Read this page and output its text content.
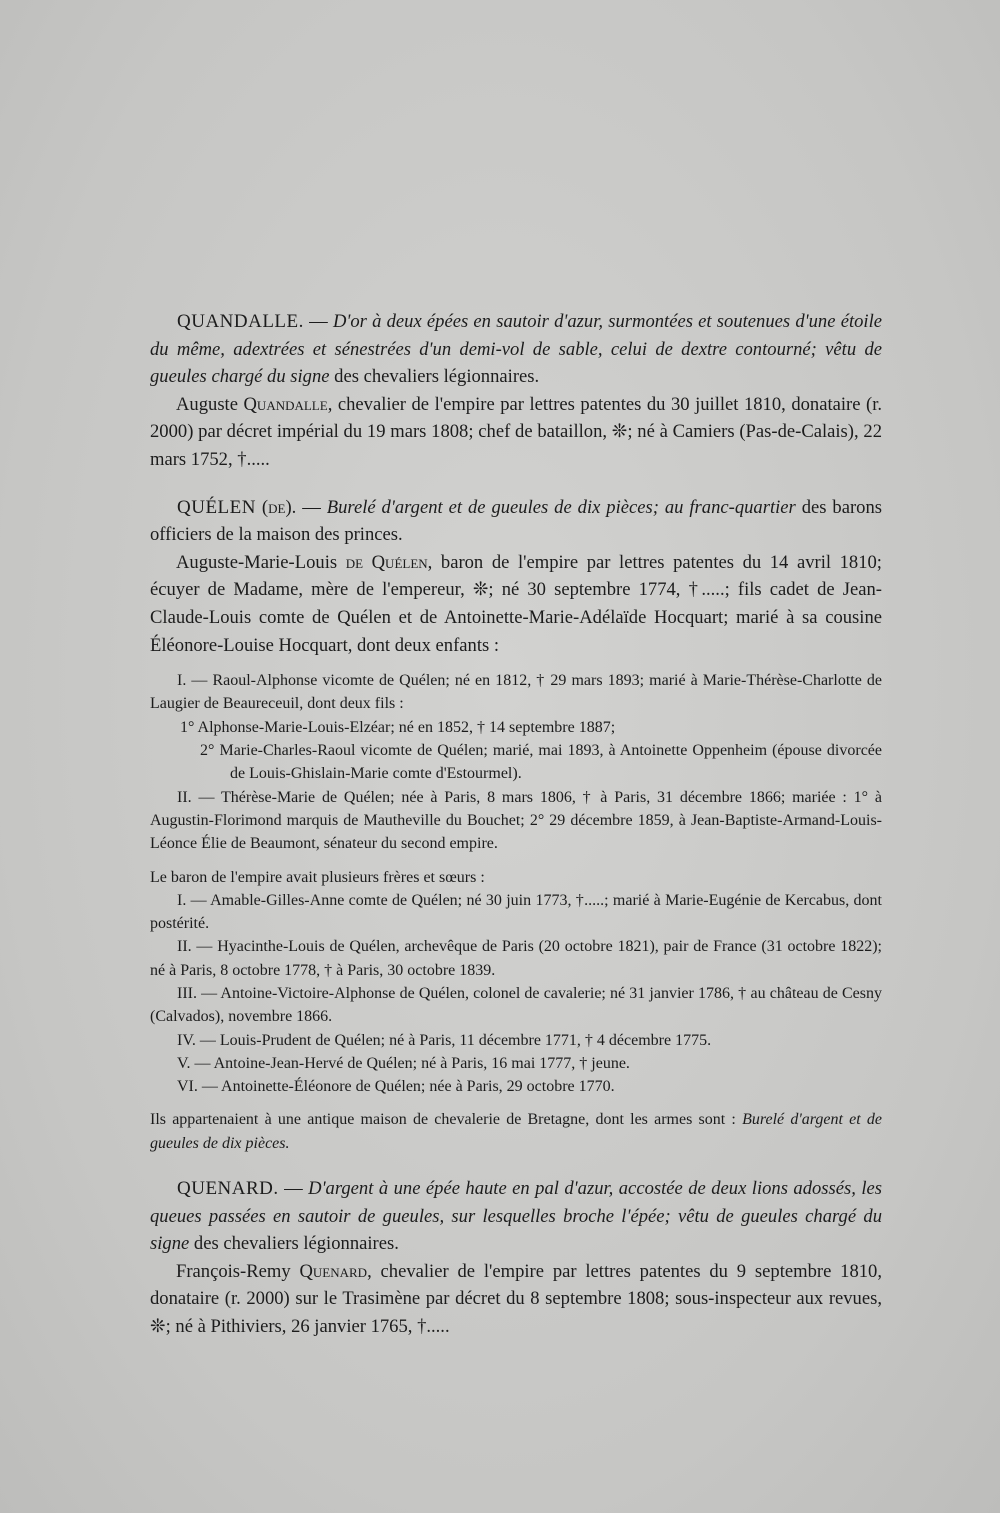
QUANDALLE. — D'or à deux épées en sautoir d'azur, surmontées et soutenues d'une étoile du même, adextrées et sénestrées d'un demi-vol de sable, celui de dextre contourné; vêtu de gueules chargé du signe des chevaliers légionnaires.

Auguste Quandalle, chevalier de l'empire par lettres patentes du 30 juillet 1810, donataire (r. 2000) par décret impérial du 19 mars 1808; chef de bataillon, ❊; né à Camiers (Pas-de-Calais), 22 mars 1752, †.....

QUÉLEN (de). — Burelé d'argent et de gueules de dix pièces; au franc-quartier des barons officiers de la maison des princes.

Auguste-Marie-Louis de Quélen, baron de l'empire par lettres patentes du 14 avril 1810; écuyer de Madame, mère de l'empereur, ❊; né 30 septembre 1774, †.....; fils cadet de Jean-Claude-Louis comte de Quélen et de Antoinette-Marie-Adélaïde Hocquart; marié à sa cousine Éléonore-Louise Hocquart, dont deux enfants :

I. — Raoul-Alphonse vicomte de Quélen; né en 1812, † 29 mars 1893; marié à Marie-Thérèse-Charlotte de Laugier de Beaureceuil, dont deux fils :

1° Alphonse-Marie-Louis-Elzéar; né en 1852, † 14 septembre 1887;

2° Marie-Charles-Raoul vicomte de Quélen; marié, mai 1893, à Antoinette Oppenheim (épouse divorcée de Louis-Ghislain-Marie comte d'Estourmel).

II. — Thérèse-Marie de Quélen; née à Paris, 8 mars 1806, † à Paris, 31 décembre 1866; mariée : 1° à Augustin-Florimond marquis de Mautheville du Bouchet; 2° 29 décembre 1859, à Jean-Baptiste-Armand-Louis-Léonce Élie de Beaumont, sénateur du second empire.

Le baron de l'empire avait plusieurs frères et sœurs :

I. — Amable-Gilles-Anne comte de Quélen; né 30 juin 1773, †.....; marié à Marie-Eugénie de Kercabus, dont postérité.

II. — Hyacinthe-Louis de Quélen, archevêque de Paris (20 octobre 1821), pair de France (31 octobre 1822); né à Paris, 8 octobre 1778, † à Paris, 30 octobre 1839.

III. — Antoine-Victoire-Alphonse de Quélen, colonel de cavalerie; né 31 janvier 1786, † au château de Cesny (Calvados), novembre 1866.

IV. — Louis-Prudent de Quélen; né à Paris, 11 décembre 1771, † 4 décembre 1775.

V. — Antoine-Jean-Hervé de Quélen; né à Paris, 16 mai 1777, † jeune.

VI. — Antoinette-Éléonore de Quélen; née à Paris, 29 octobre 1770.

Ils appartenaient à une antique maison de chevalerie de Bretagne, dont les armes sont : Burelé d'argent et de gueules de dix pièces.

QUENARD. — D'argent à une épée haute en pal d'azur, accostée de deux lions adossés, les queues passées en sautoir de gueules, sur lesquelles broche l'épée; vêtu de gueules chargé du signe des chevaliers légionnaires.

François-Remy Quenard, chevalier de l'empire par lettres patentes du 9 septembre 1810, donataire (r. 2000) sur le Trasimène par décret du 8 septembre 1808; sous-inspecteur aux revues, ❊; né à Pithiviers, 26 janvier 1765, †.....
